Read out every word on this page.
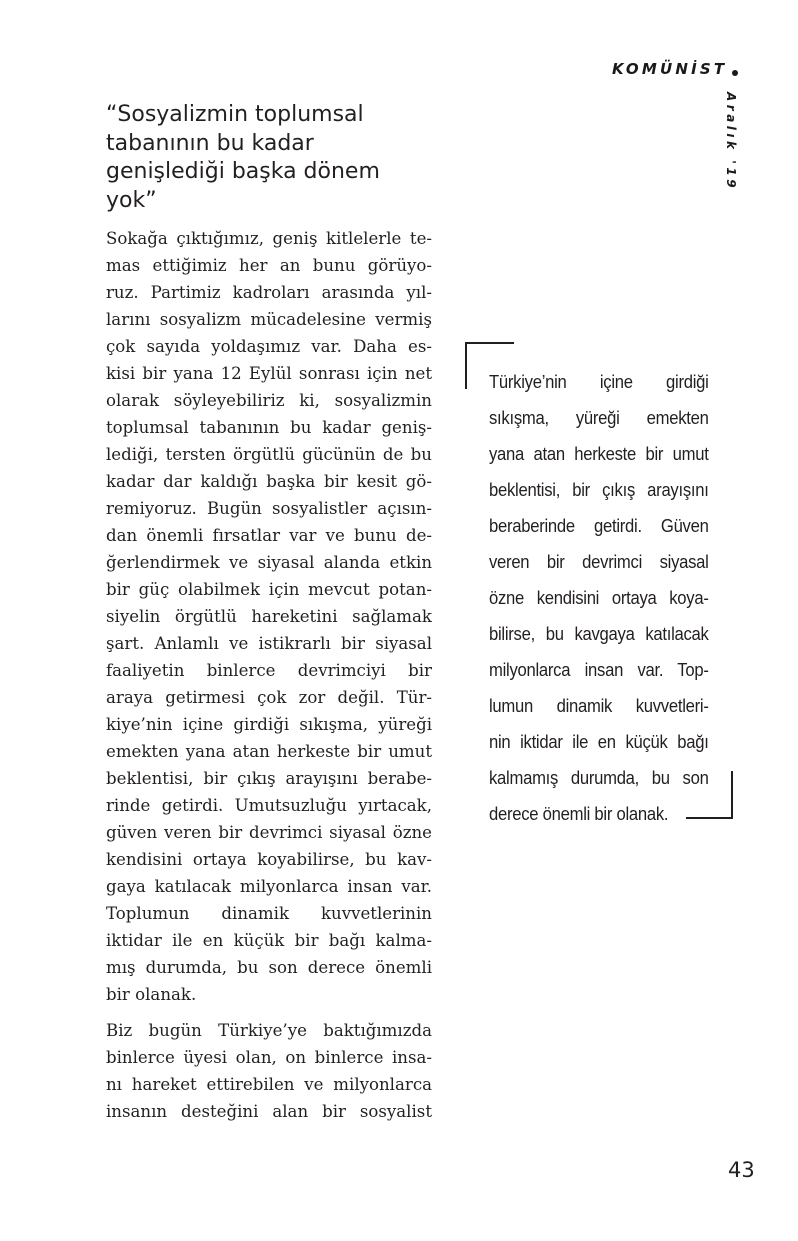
KOMÜNİST
Aralık '19
“Sosyalizmin toplumsal
tabanının bu kadar
genişlediği başka dönem
yok”

Sokağa çıktığımız, geniş kitlelerle te-
mas ettiğimiz her an bunu görüyo-
ruz. Partimiz kadroları arasında yıl-
larını sosyalizm mücadelesine vermiş
çok sayıda yoldaşımız var. Daha es-
kisi bir yana 12 Eylül sonrası için net
olarak söyleyebiliriz ki, sosyalizmin
toplumsal tabanının bu kadar geniş-
lediği, tersten örgütlü gücünün de bu
kadar dar kaldığı başka bir kesit gö-
remiyoruz. Bugün sosyalistler açısın-
dan önemli fırsatlar var ve bunu de-
ğerlendirmek ve siyasal alanda etkin
bir güç olabilmek için mevcut potan-
siyelin örgütlü hareketini sağlamak
şart. Anlamlı ve istikrarlı bir siyasal
faaliyetin binlerce devrimciyi bir
araya getirmesi çok zor değil. Tür-
kiye’nin içine girdiği sıkışma, yüreği
emekten yana atan herkeste bir umut
beklentisi, bir çıkış arayışını berabe-
rinde getirdi. Umutsuzluğu yırtacak,
güven veren bir devrimci siyasal özne
kendisini ortaya koyabilirse, bu kav-
gaya katılacak milyonlarca insan var.
Toplumun dinamik kuvvetlerinin
iktidar ile en küçük bir bağı kalma-
mış durumda, bu son derece önemli
bir olanak.

Biz bugün Türkiye’ye baktığımızda
binlerce üyesi olan, on binlerce insa-
nı hareket ettirebilen ve milyonlarca
insanın desteğini alan bir sosyalist

Türkiye’nin içine girdiği
sıkışma, yüreği emekten
yana atan herkeste bir umut
beklentisi, bir çıkış arayışını
beraberinde getirdi. Güven
veren bir devrimci siyasal
özne kendisini ortaya koya-
bilirse, bu kavgaya katılacak
milyonlarca insan var. Top-
lumun dinamik kuvvetleri-
nin iktidar ile en küçük bağı
kalmamış durumda, bu son
derece önemli bir olanak.
43
